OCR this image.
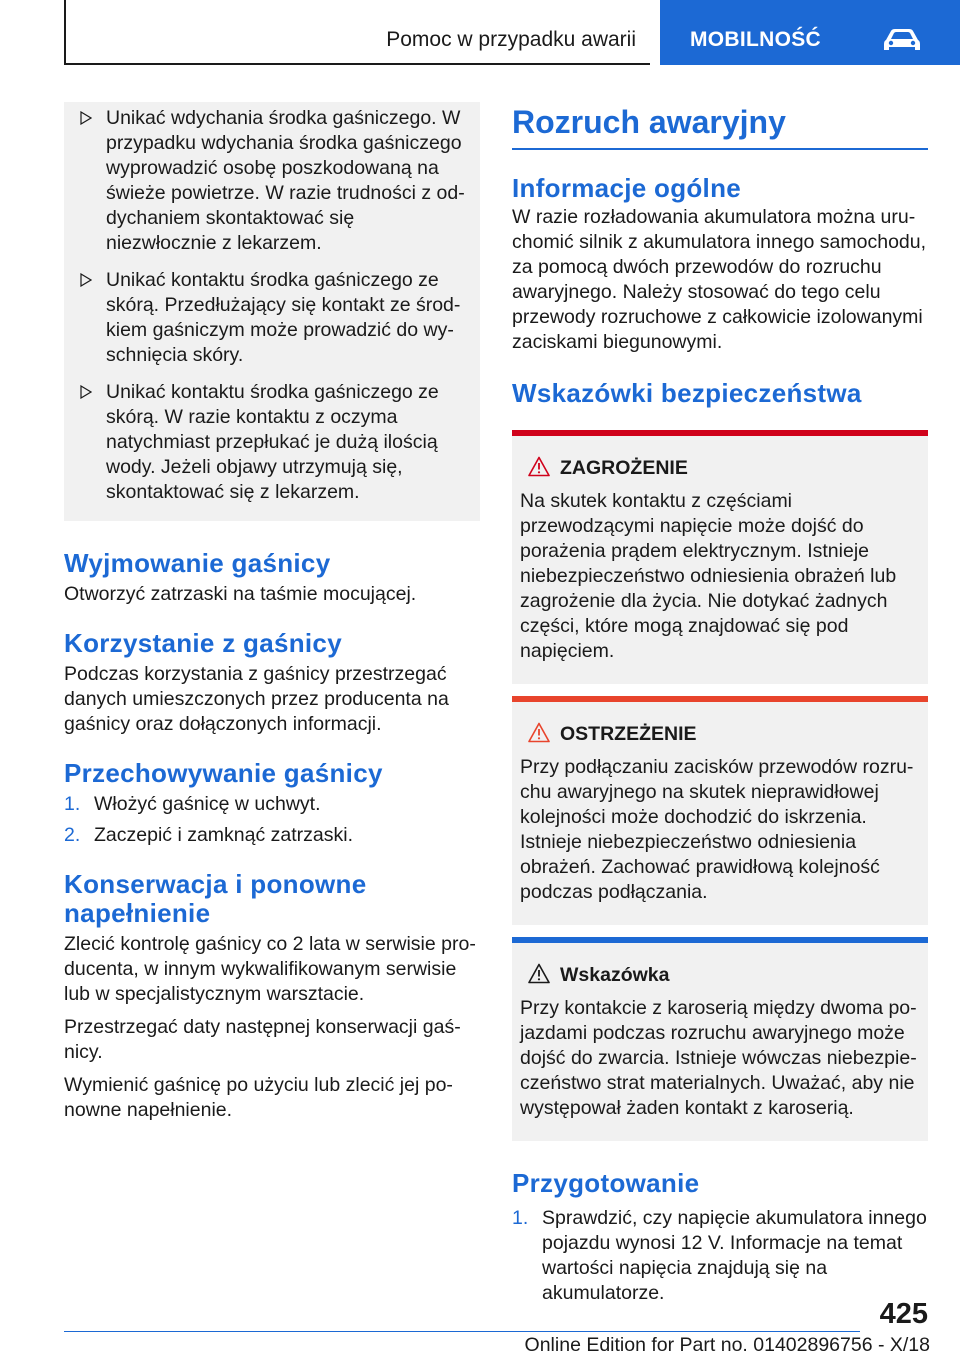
Pomoc w przypadku awarii	MOBILNOŚĆ
Unikać wdychania środka gaśniczego. W przypadku wdychania środka gaśniczego wyprowadzić osobę poszkodowaną na świeże powietrze. W razie trudności z oddychaniem skontaktować się niezwłocznie z lekarzem.
Unikać kontaktu środka gaśniczego ze skórą. Przedłużający się kontakt ze środkiem gaśniczym może prowadzić do wyschnięcia skóry.
Unikać kontaktu środka gaśniczego ze skórą. W razie kontaktu z oczyma natychmiast przepłukać je dużą ilością wody. Jeżeli objawy utrzymują się, skontaktować się z lekarzem.
Wyjmowanie gaśnicy

Otworzyć zatrzaski na taśmie mocującej.

Korzystanie z gaśnicy

Podczas korzystania z gaśnicy przestrzegać danych umieszczonych przez producenta na gaśnicy oraz dołączonych informacji.

Przechowywanie gaśnicy
1. Włożyć gaśnicę w uchwyt.
2. Zaczepić i zamknąć zatrzaski.
Konserwacja i ponowne napełnienie

Zlecić kontrolę gaśnicy co 2 lata w serwisie producenta, w innym wykwalifikowanym serwisie lub w specjalistycznym warsztacie.

Przestrzegać daty następnej konserwacji gaśnicy.

Wymienić gaśnicę po użyciu lub zlecić jej ponowne napełnienie.

Rozruch awaryjny
Informacje ogólne

W razie rozładowania akumulatora można uruchomić silnik z akumulatora innego samochodu, za pomocą dwóch przewodów do rozruchu awaryjnego. Należy stosować do tego celu przewody rozruchowe z całkowicie izolowanymi zaciskami biegunowymi.

Wskazówki bezpieczeństwa
ZAGROŻENIE

Na skutek kontaktu z częściami przewodzącymi napięcie może dojść do porażenia prądem elektrycznym. Istnieje niebezpieczeństwo odniesienia obrażeń lub zagrożenie dla życia. Nie dotykać żadnych części, które mogą znajdować się pod napięciem.

OSTRZEŻENIE

Przy podłączaniu zacisków przewodów rozruchu awaryjnego na skutek nieprawidłowej kolejności może dochodzić do iskrzenia. Istnieje niebezpieczeństwo odniesienia obrażeń. Zachować prawidłową kolejność podczas podłączania.

Wskazówka

Przy kontakcie z karoserią między dwoma pojazdami podczas rozruchu awaryjnego może dojść do zwarcia. Istnieje wówczas niebezpieczeństwo strat materialnych. Uważać, aby nie występował żaden kontakt z karoserią.

Przygotowanie
1. Sprawdzić, czy napięcie akumulatora innego pojazdu wynosi 12 V. Informacje na temat wartości napięcia znajdują się na akumulatorze.
425
Online Edition for Part no. 01402896756 - X/18
